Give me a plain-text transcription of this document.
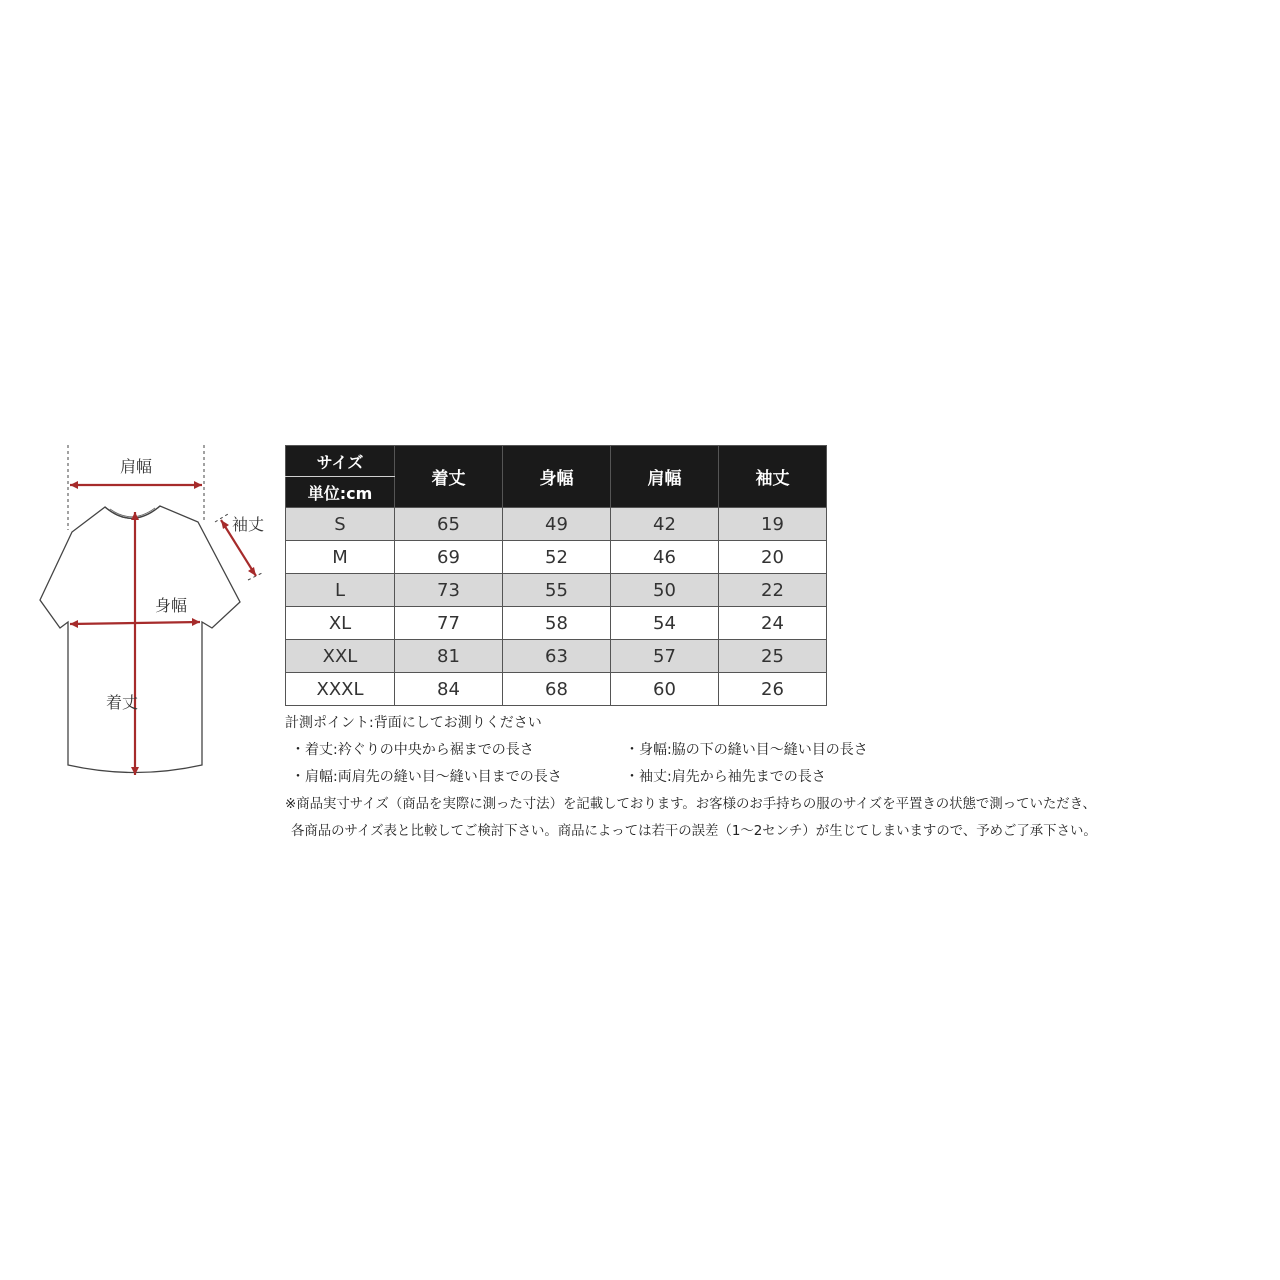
肩幅
袖丈
身幅
着丈
サイズ	着丈	身幅	肩幅	袖丈
単位:cm				
S	65	49	42	19
M	69	52	46	20
L	73	55	50	22
XL	77	58	54	24
XXL	81	63	57	25
XXXL	84	68	60	26
計測ポイント:背面にしてお測りください
・着丈:衿ぐりの中央から裾までの長さ	・身幅:脇の下の縫い目～縫い目の長さ
・肩幅:両肩先の縫い目～縫い目までの長さ	・袖丈:肩先から袖先までの長さ
※商品実寸サイズ（商品を実際に測った寸法）を記載しております。お客様のお手持ちの服のサイズを平置きの状態で測っていただき、
各商品のサイズ表と比較してご検討下さい。商品によっては若干の誤差（1～2センチ）が生じてしまいますので、予めご了承下さい。
